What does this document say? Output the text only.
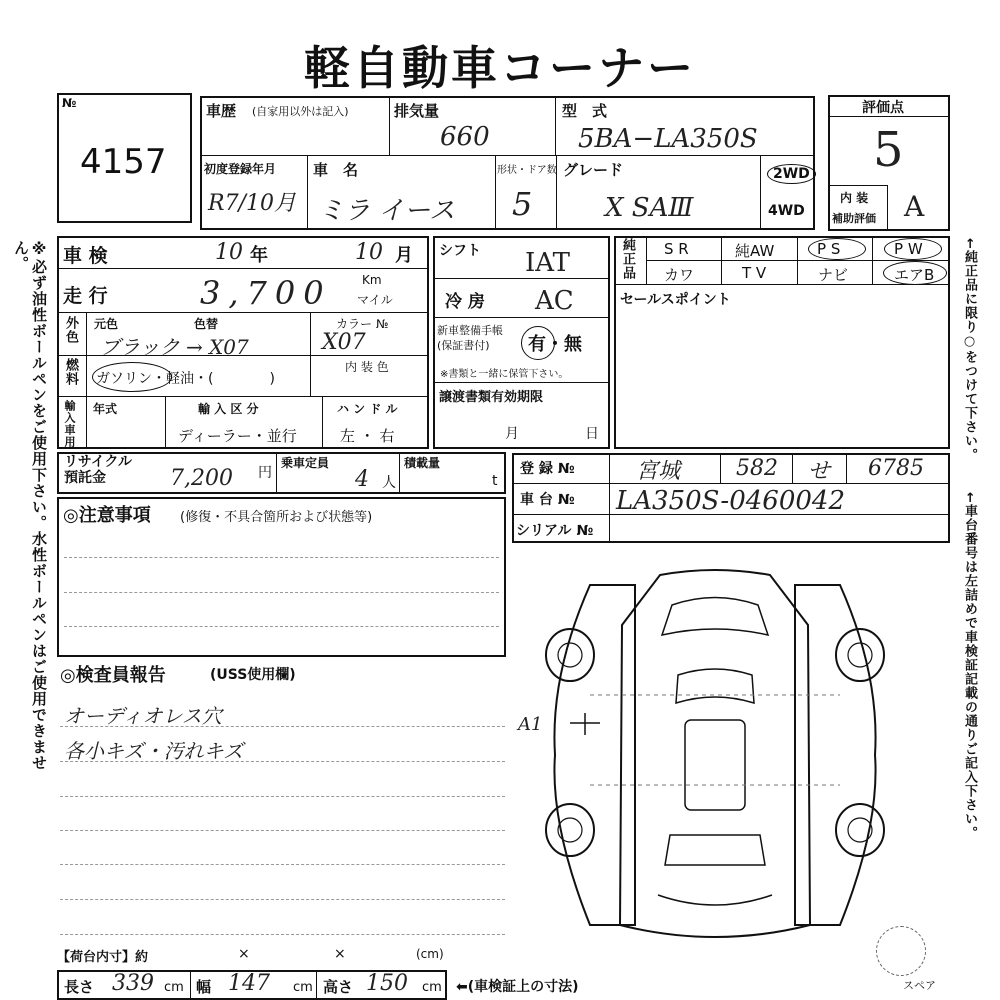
軽自動車コーナー
№
4157
車歴 (自家用以外は記入)	排気量
660
型　式
5BA−LA350S
初度登録年月
R7/10月
車　名
ミラ イース
形状・ドア数
5
グレード
X SAⅢ
2WD
4WD
評価点
5
内 装
補助評価 A
※必ず油性ボールペンをご使用下さい。水性ボールペンはご使用できません。	車 検	10 年	10 月
走 行	3,700	Km
マイル
外色 元色	色替
ブラック → X07
カラー №
X07
燃料 ガソリン・軽油・(　　　　)
内 装 色
輸入車用 年式	輸 入 区 分
ディーラー・並行
ハ ン ド ル
左 ・ 右
シフト IAT
冷 房 AC
新車整備手帳
(保証書付)	有・無
※書類と一緒に保管下さい。
譲渡書類有効期限
月	日
純正品 S R	純AW	P S	P W
カワ	T V	ナビ	エアB
セールスポイント	←純正品に限り○をつけて下さい。
リサイクル
預託金	7,200 円
乗車定員
4 人
積載量
t
登 録 №	宮城	582 せ 6785
車 台 № LA350S-0460042
シリアル №	←車台番号は左詰めで車検証記載の通りご記入下さい。
◎注意事項 (修復・不具合箇所および状態等)
◎検査員報告	(USS使用欄)
オーディオレス穴
各小キズ・汚れキズ
A1
スペア
【荷台内寸】約	×	×	(cm)
長さ 339 cm 幅 147 cm 高さ 150 cm ⬅(車検証上の寸法)
